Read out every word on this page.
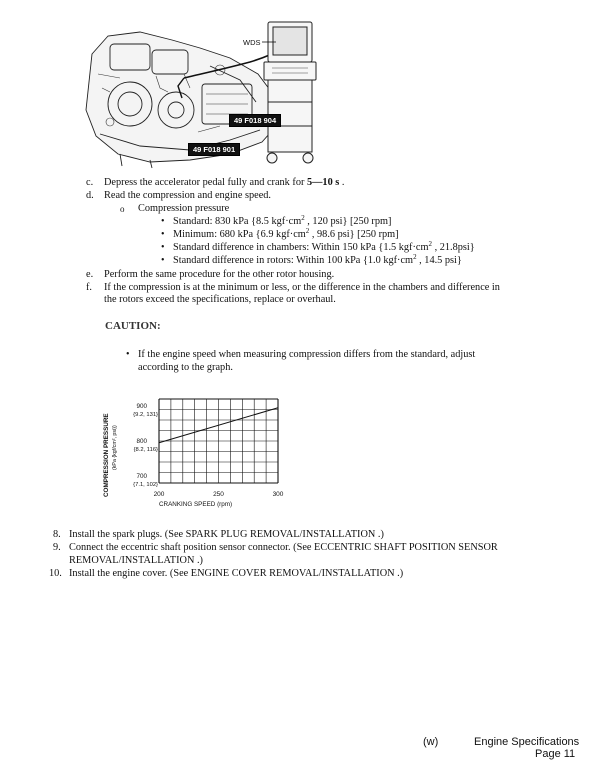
WDS
49 F018 904
49 F018 901
c. Depress the accelerator pedal fully and crank for 5—10 s .
d. Read the compression and engine speed.
o Compression pressure
• Standard: 830 kPa {8.5 $kgf\cdot cm^2$ , 120 psi} [250 rpm]
• Minimum: 680 kPa {6.9 $kgf\cdot cm^2$ , 98.6 psi} [250 rpm]
• Standard difference in chambers: Within 150 kPa {1.5 $kgf\cdot cm^2$ , 21.8psi}
• Standard difference in rotors: Within 100 kPa {1.0 $kgf\cdot cm^2$ , 14.5 psi}
e. Perform the same procedure for the other rotor housing.
f. If the compression is at the minimum or less, or the difference in the chambers and difference in
the rotors exceed the specifications, replace or overhaul.
CAUTION:
• If the engine speed when measuring compression differs from the standard, adjust
according to the graph.
COMPRESSION PRESSURE (kPa {kgf/cm², psi})
CRANKING SPEED (rpm)
900
{9.2, 131}
800
{8.2, 116}
700
{7.1, 102}
200	250	300
8. Install the spark plugs. (See SPARK PLUG REMOVAL/INSTALLATION .)
9. Connect the eccentric shaft position sensor connector. (See ECCENTRIC SHAFT POSITION SENSOR
REMOVAL/INSTALLATION .)
10. Install the engine cover. (See ENGINE COVER REMOVAL/INSTALLATION .)
(w)	Engine Specifications
Page 11
